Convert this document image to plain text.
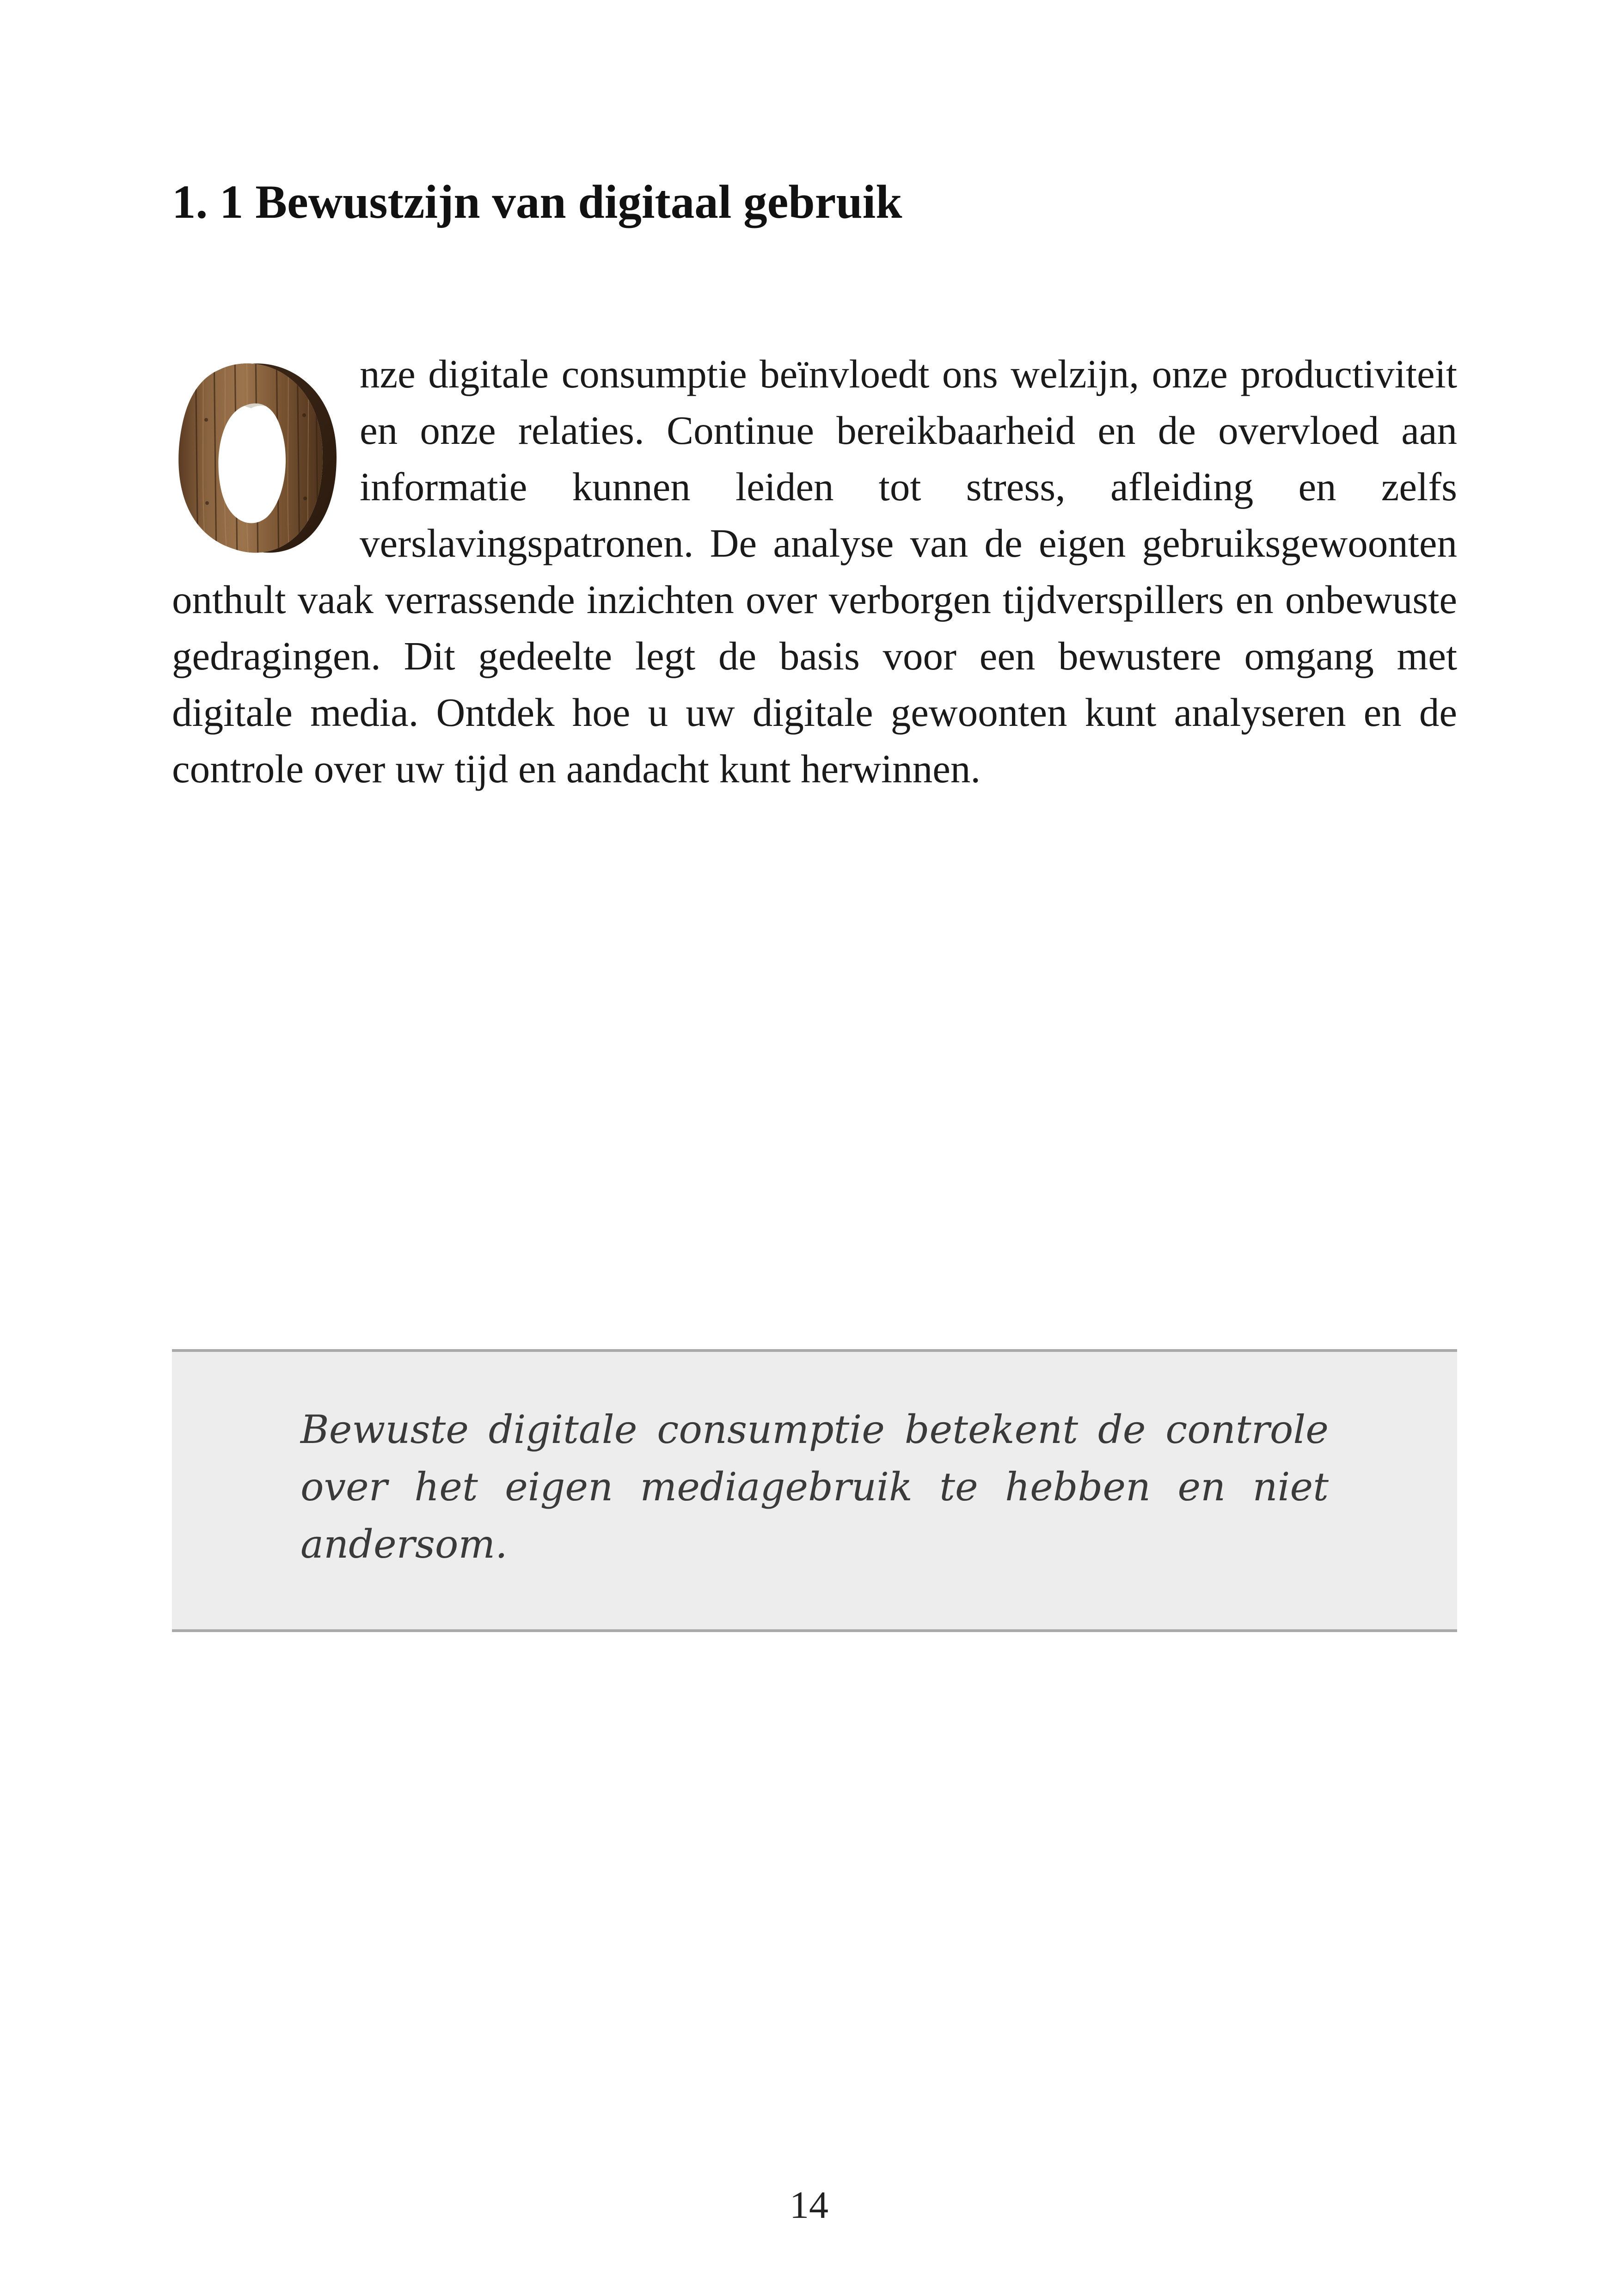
1. 1 Bewustzijn van digitaal gebruik

nze digitale consumptie beïnvloedt ons welzijn, onze productiviteit en onze relaties. Continue bereikbaarheid en de overvloed aan informatie kunnen leiden tot stress, afleiding en zelfs verslavingspatronen. De analyse van de eigen gebruiksgewoonten onthult vaak verrassende inzichten over verborgen tijdverspillers en onbewuste gedragingen. Dit gedeelte legt de basis voor een bewustere omgang met digitale media. Ontdek hoe u uw digitale gewoonten kunt analyseren en de controle over uw tijd en aandacht kunt herwinnen.

Bewuste digitale consumptie betekent de controle over het eigen mediagebruik te hebben en niet andersom.

14
